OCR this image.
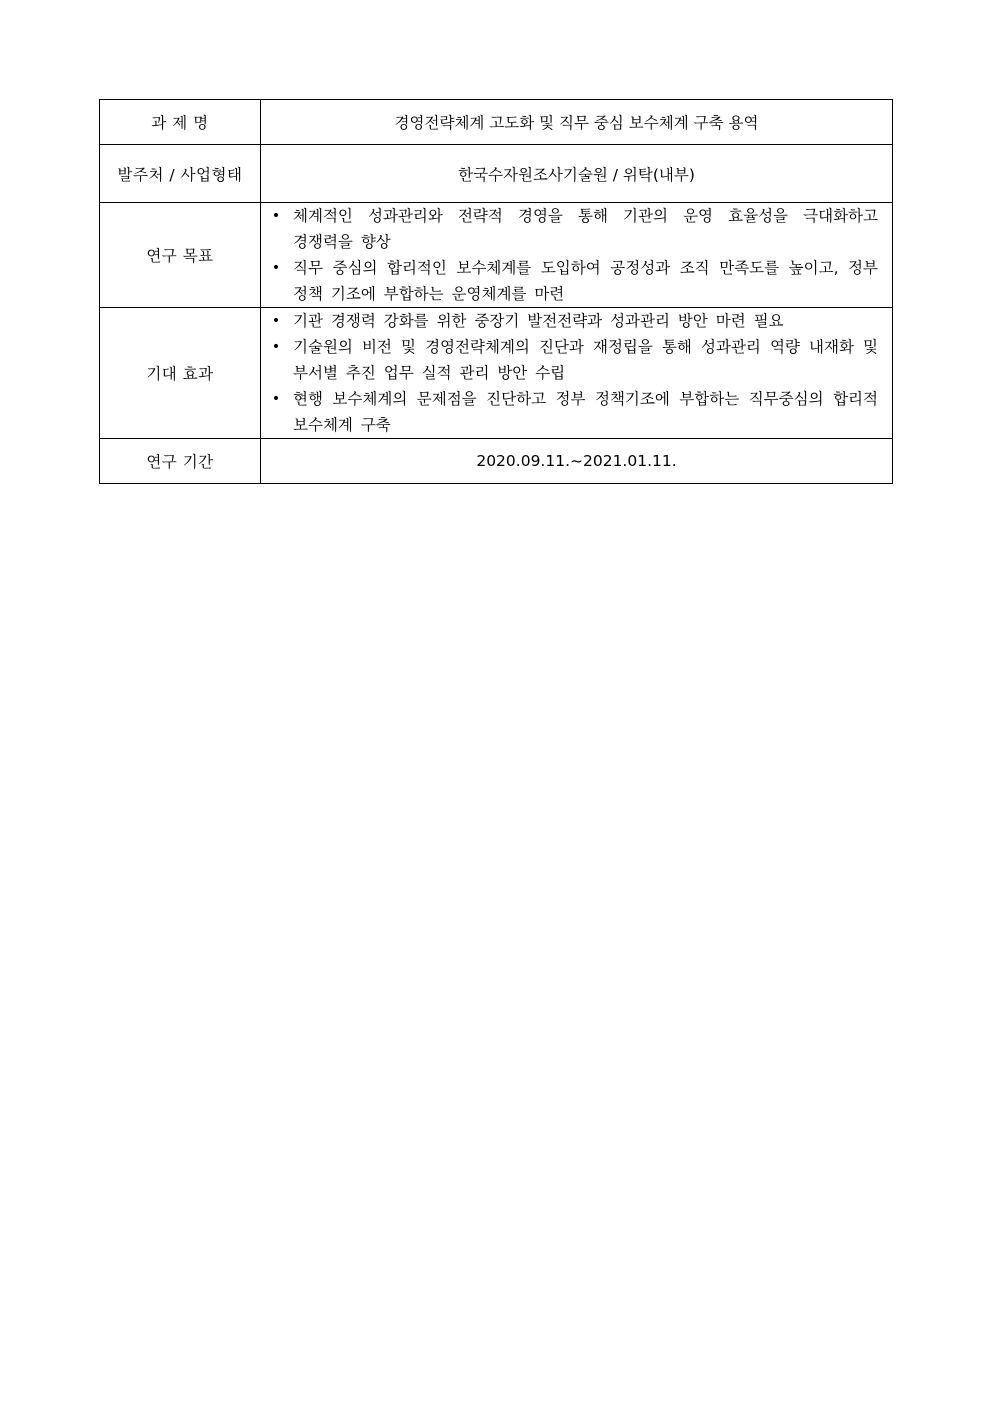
과 제 명	경영전략체계 고도화 및 직무 중심 보수체계 구축 용역
발주처 / 사업형태	한국수자원조사기술원 / 위탁(내부)
연구 목표	
• 체계적인 성과관리와 전략적 경영을 통해 기관의 운영 효율성을 극대화하고 경쟁력을 향상
• 직무 중심의 합리적인 보수체계를 도입하여 공정성과 조직 만족도를 높이고, 정부 정책 기조에 부합하는 운영체계를 마련

기대 효과	
• 기관 경쟁력 강화를 위한 중장기 발전전략과 성과관리 방안 마련 필요
• 기술원의 비전 및 경영전략체계의 진단과 재정립을 통해 성과관리 역량 내재화 및 부서별 추진 업무 실적 관리 방안 수립
• 현행 보수체계의 문제점을 진단하고 정부 정책기조에 부합하는 직무중심의 합리적 보수체계 구축

연구 기간	2020.09.11.~2021.01.11.
